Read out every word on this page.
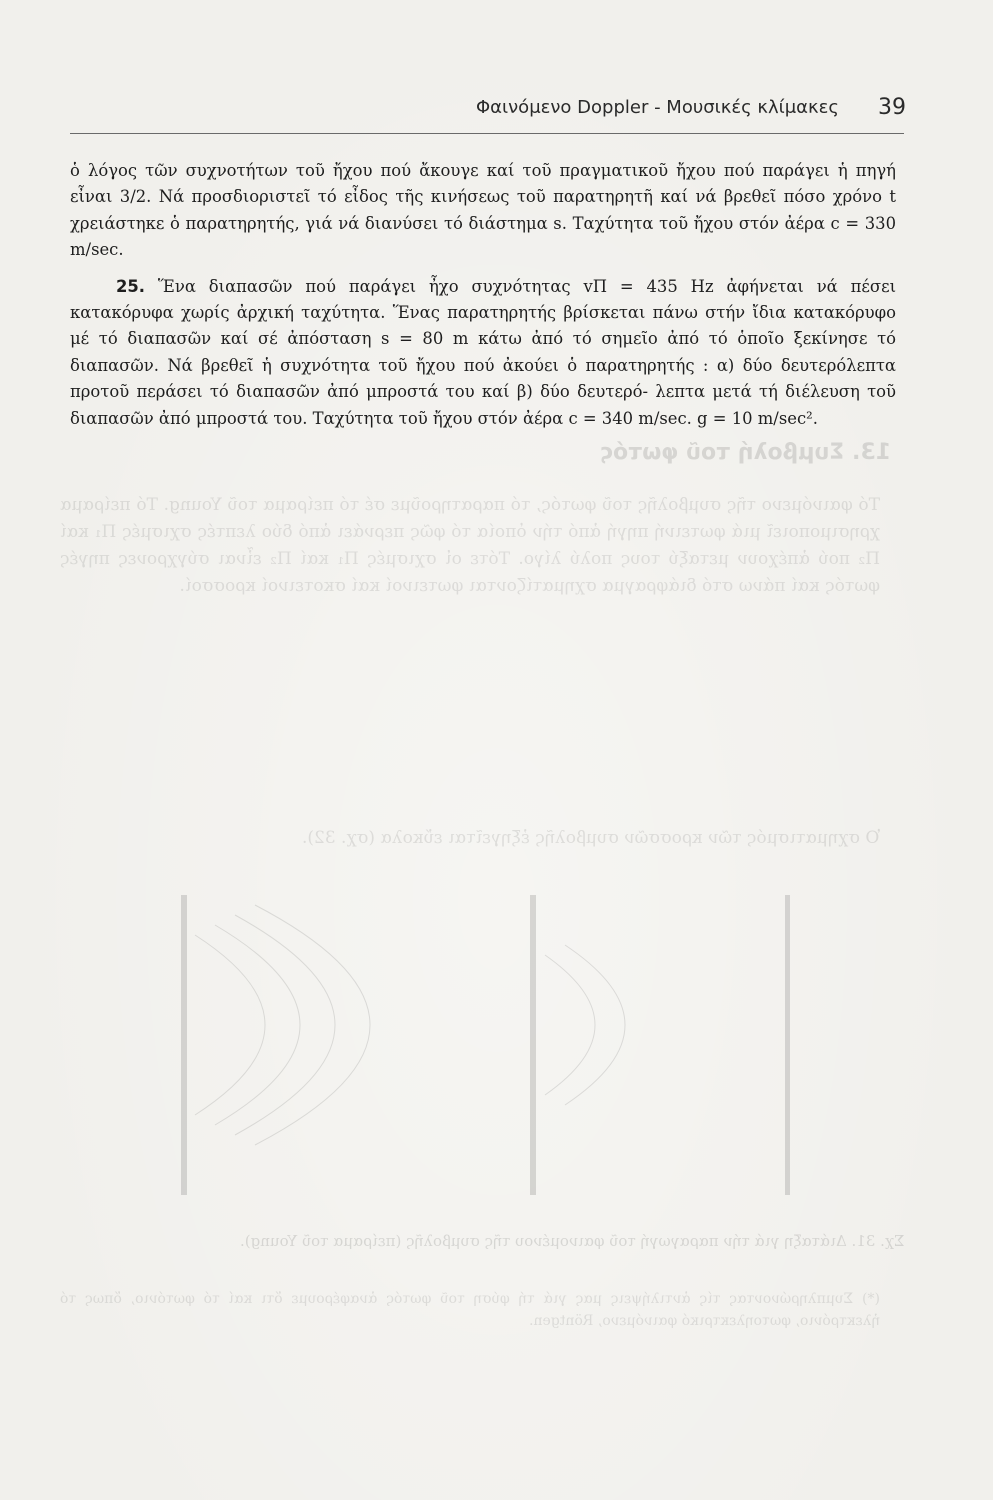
13. Συμβολή τοῦ φωτός
Τό φαινόμενο τῆς συμβολῆς τοῦ φωτός, τό παρατηροῦμε σέ τό πείραμα τοῦ Young. Τό πείραμα χρησιμοποιεῖ μιά φωτεινή πηγή ἀπό τήν ὁποία τό φῶς περνάει ἀπό δύο λεπτές σχισμές Π₁ καί Π₂ πού ἀπέχουν μεταξύ τους πολύ λίγο. Τότε οἱ σχισμές Π₁ καί Π₂ εἶναι σύγχρονες πηγές φωτός καί πάνω στό διάφραγμα σχηματίζονται φωτεινοί καί σκοτεινοί κροσσοί.
Ὁ σχηματισμός τῶν κροσσῶν συμβολῆς ἐξηγεῖται εὔκολα (σχ. 32).
Σχ. 31. Διάταξη γιά τήν παραγωγή τοῦ φαινομένου τῆς συμβολῆς (πείραμα τοῦ Young).
(*) Συμπληρώνοντας τίς ἀντιλήψεις μας γιά τή φύση τοῦ φωτός ἀναφέρουμε ὅτι καί τό φωτόνιο, ὅπως τό ἠλεκτρόνιο, φωτοηλεκτρικό φαινόμενο, Röntgen.
Φαινόμενο Doppler - Μουσικές κλίμακες 39

ὁ λόγος τῶν συχνοτήτων τοῦ ἤχου πού ἄκουγε καί τοῦ πραγματικοῦ ἤχου πού παράγει ἡ πηγή εἶναι 3/2. Νά προσδιοριστεῖ τό εἶδος τῆς κινήσεως τοῦ παρατηρητῆ καί νά βρεθεῖ πόσο χρόνο t χρειάστηκε ὁ παρατηρητής, γιά νά διανύσει τό διάστημα s. Ταχύτητα τοῦ ἤχου στόν ἀέρα c = 330 m/sec.

25. Ἕνα διαπασῶν πού παράγει ἦχο συχνότητας vΠ = 435 Hz ἀφήνεται νά πέσει κατακόρυφα χωρίς ἀρχική ταχύτητα. Ἕνας παρατηρητής βρίσκεται πάνω στήν ἴδια κατακόρυφο μέ τό διαπασῶν καί σέ ἀπόσταση s = 80 m κάτω ἀπό τό σημεῖο ἀπό τό ὁποῖο ξεκίνησε τό διαπασῶν. Νά βρεθεῖ ἡ συχνότητα τοῦ ἤχου πού ἀκούει ὁ παρατηρητής : α) δύο δευτερόλεπτα προτοῦ περάσει τό διαπασῶν ἀπό μπροστά του καί β) δύο δευτερό- λεπτα μετά τή διέλευση τοῦ διαπασῶν ἀπό μπροστά του. Ταχύτητα τοῦ ἤχου στόν ἀέρα c = 340 m/sec. g = 10 m/sec².
